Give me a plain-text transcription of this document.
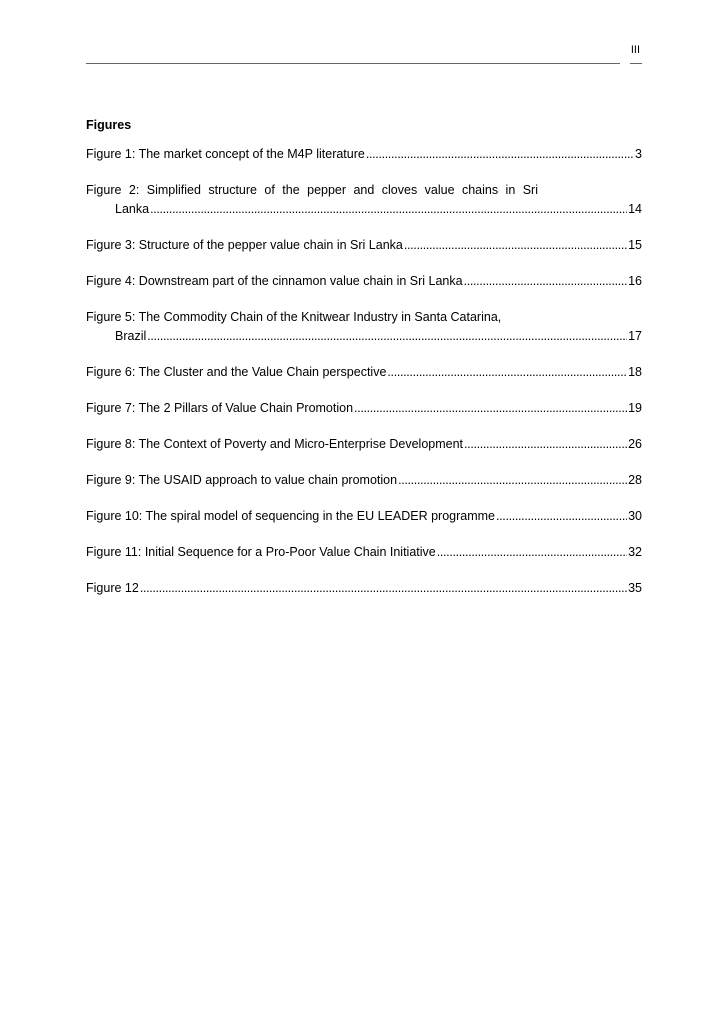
III
Figures
Figure 1: The market concept of the M4P literature . . .	3
Figure 2: Simplified structure of the pepper and cloves value chains in Sri
Lanka . . .	14
Figure 3: Structure of the pepper value chain in Sri Lanka . . .	15
Figure 4: Downstream part of the cinnamon value chain in Sri Lanka . . .	16
Figure 5: The Commodity Chain of the Knitwear Industry in Santa Catarina,
Brazil . . .	17
Figure 6: The Cluster and the Value Chain perspective . . .	18
Figure 7: The 2 Pillars of Value Chain Promotion . . .	19
Figure 8: The Context of Poverty and Micro-Enterprise Development . . .	26
Figure 9: The USAID approach to value chain promotion . . .	28
Figure 10: The spiral model of sequencing in the EU LEADER programme . . .	30
Figure 11: Initial Sequence for a Pro-Poor Value Chain Initiative . . .	32
Figure 12 . . .	35
